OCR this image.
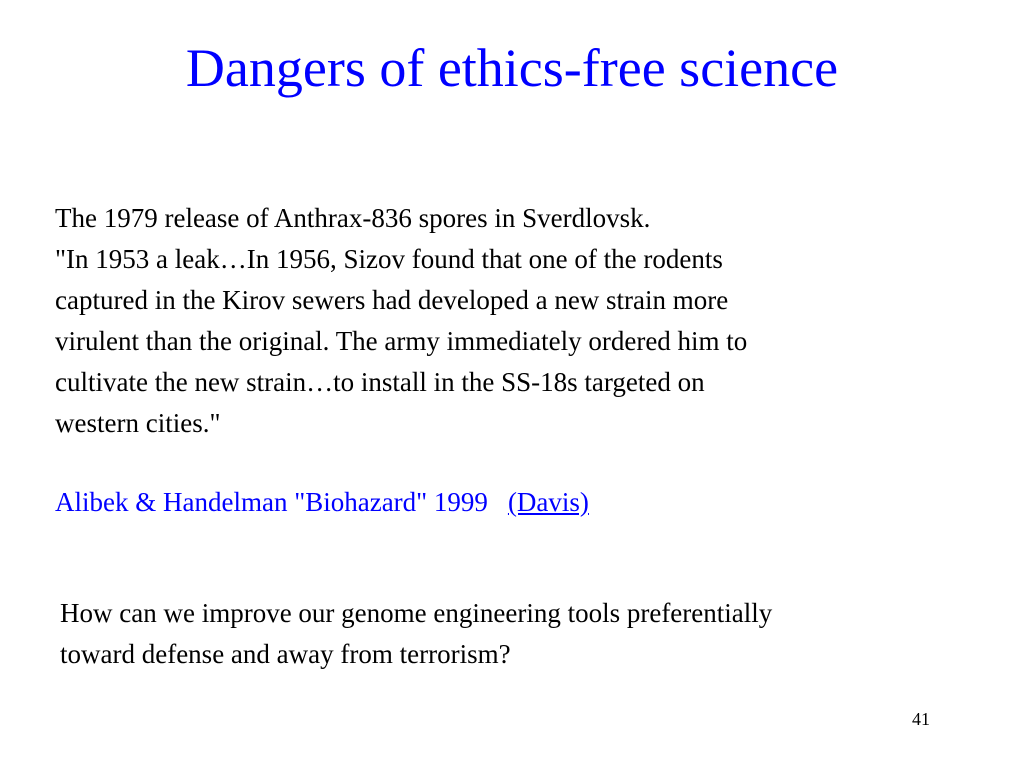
Dangers of ethics-free science

The 1979 release of Anthrax-836 spores in Sverdlovsk.

"In 1953 a leak…In 1956, Sizov found that one of the rodents

captured in the Kirov sewers had developed a new strain more

virulent than the original. The army immediately ordered him to

cultivate the new strain…to install in the SS-18s targeted on

western cities."

Alibek & Handelman "Biohazard" 1999 (Davis)

How can we improve our genome engineering tools preferentially

toward defense and away from terrorism?

41
